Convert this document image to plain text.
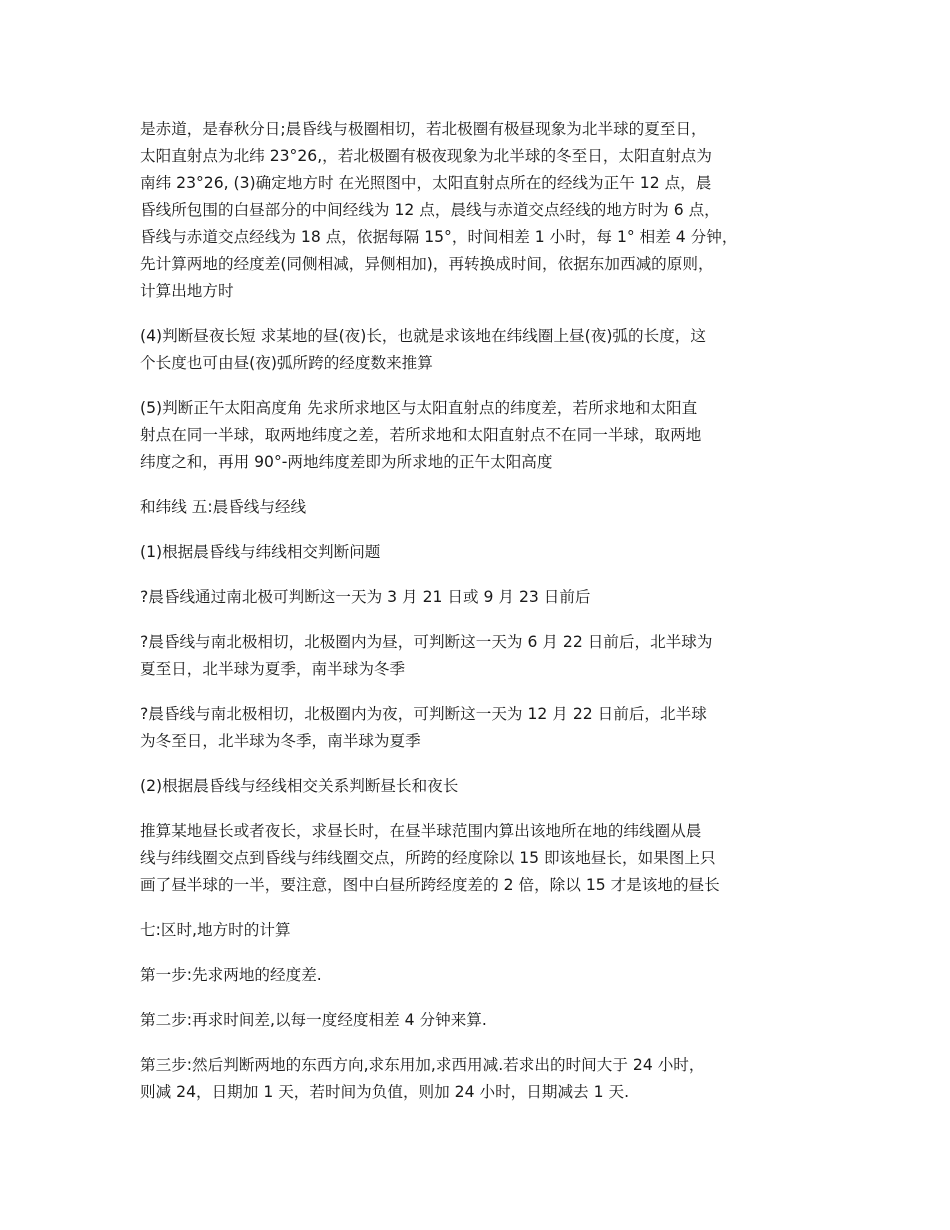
是赤道，是春秋分日;晨昏线与极圈相切，若北极圈有极昼现象为北半球的夏至日，
太阳直射点为北纬 23°26,，若北极圈有极夜现象为北半球的冬至日，太阳直射点为
南纬 23°26, (3)确定地方时 在光照图中，太阳直射点所在的经线为正午 12 点，晨
昏线所包围的白昼部分的中间经线为 12 点，晨线与赤道交点经线的地方时为 6 点，
昏线与赤道交点经线为 18 点，依据每隔 15°，时间相差 1 小时，每 1° 相差 4 分钟，
先计算两地的经度差(同侧相减，异侧相加)，再转换成时间，依据东加西减的原则，
计算出地方时

(4)判断昼夜长短 求某地的昼(夜)长，也就是求该地在纬线圈上昼(夜)弧的长度，这
个长度也可由昼(夜)弧所跨的经度数来推算

(5)判断正午太阳高度角 先求所求地区与太阳直射点的纬度差，若所求地和太阳直
射点在同一半球，取两地纬度之差，若所求地和太阳直射点不在同一半球，取两地
纬度之和，再用 90°-两地纬度差即为所求地的正午太阳高度

和纬线 五:晨昏线与经线

(1)根据晨昏线与纬线相交判断问题

?晨昏线通过南北极可判断这一天为 3 月 21 日或 9 月 23 日前后

?晨昏线与南北极相切，北极圈内为昼，可判断这一天为 6 月 22 日前后，北半球为
夏至日，北半球为夏季，南半球为冬季

?晨昏线与南北极相切，北极圈内为夜，可判断这一天为 12 月 22 日前后，北半球
为冬至日，北半球为冬季，南半球为夏季

(2)根据晨昏线与经线相交关系判断昼长和夜长

推算某地昼长或者夜长，求昼长时，在昼半球范围内算出该地所在地的纬线圈从晨
线与纬线圈交点到昏线与纬线圈交点，所跨的经度除以 15 即该地昼长，如果图上只
画了昼半球的一半，要注意，图中白昼所跨经度差的 2 倍，除以 15 才是该地的昼长

七:区时,地方时的计算

第一步:先求两地的经度差.

第二步:再求时间差,以每一度经度相差 4 分钟来算.

第三步:然后判断两地的东西方向,求东用加,求西用减.若求出的时间大于 24 小时，
则减 24，日期加 1 天，若时间为负值，则加 24 小时，日期减去 1 天.
